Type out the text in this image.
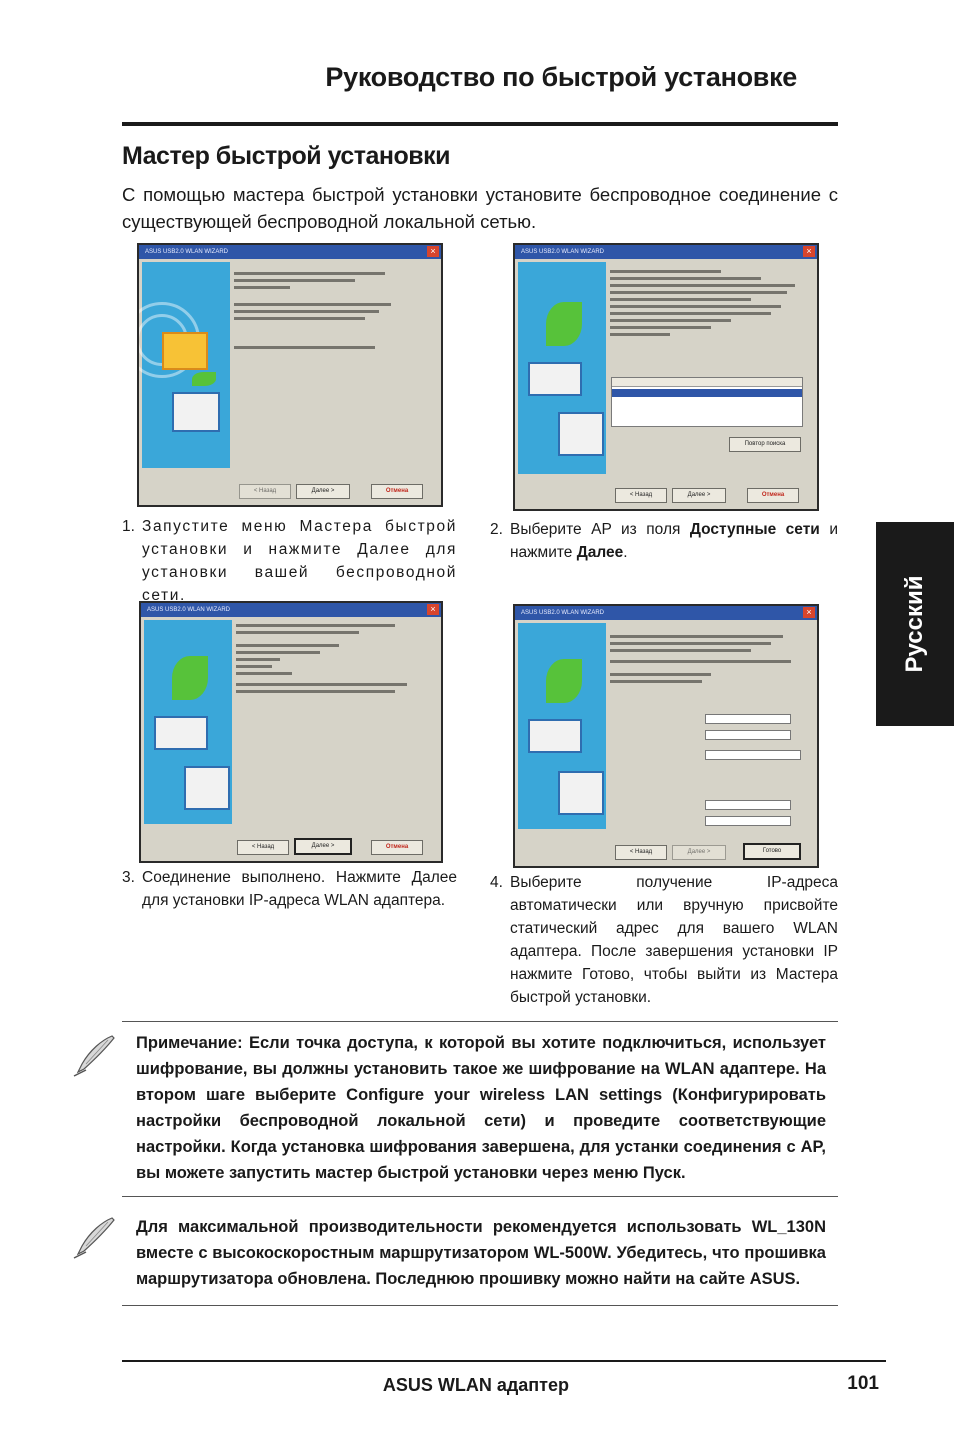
Руководство по быстрой установке
Мастер быстрой установки
С помощью мастера быстрой установки установите беспроводное соединение с существующей беспроводной локальной сетью.
Русский
ASUS USB2.0 WLAN WIZARD	×
< Назад	Далее >	Отмена
ASUS USB2.0 WLAN WIZARD	×
Повтор поиска
< Назад	Далее >	Отмена
ASUS USB2.0 WLAN WIZARD	×
< Назад	Далее >	Отмена
ASUS USB2.0 WLAN WIZARD	×
< Назад	Далее >	Готово
1. Запустите меню Мастера быстрой установки и нажмите Далее для установки вашей беспроводной сети.
2. Выберите AP из поля Доступные сети и нажмите Далее.
3. Соединение выполнено. Нажмите Далее для установки IP-адреса WLAN адаптера.
4. Выберите получение IP-адреса автоматически или вручную присвойте статический адрес для вашего WLAN адаптера. После завершения установки IP нажмите Готово, чтобы выйти из Мастера быстрой установки.
Примечание: Если точка доступа, к которой вы хотите подключиться, использует шифрование, вы должны установить такое же шифрование на WLAN адаптере. На втором шаге выберите Configure your wireless LAN settings (Конфигурировать настройки беспроводной локальной сети) и проведите соответствующие настройки. Когда установка шифрования завершена, для устанки соединения с AP, вы можете запустить мастер быстрой установки через меню Пуск.
Для максимальной производительности рекомендуется использовать WL_130N вместе с высокоскоростным маршрутизатором WL-500W. Убедитесь, что прошивка маршрутизатора обновлена. Последнюю прошивку можно найти на сайте ASUS.
ASUS WLAN адаптер	101
